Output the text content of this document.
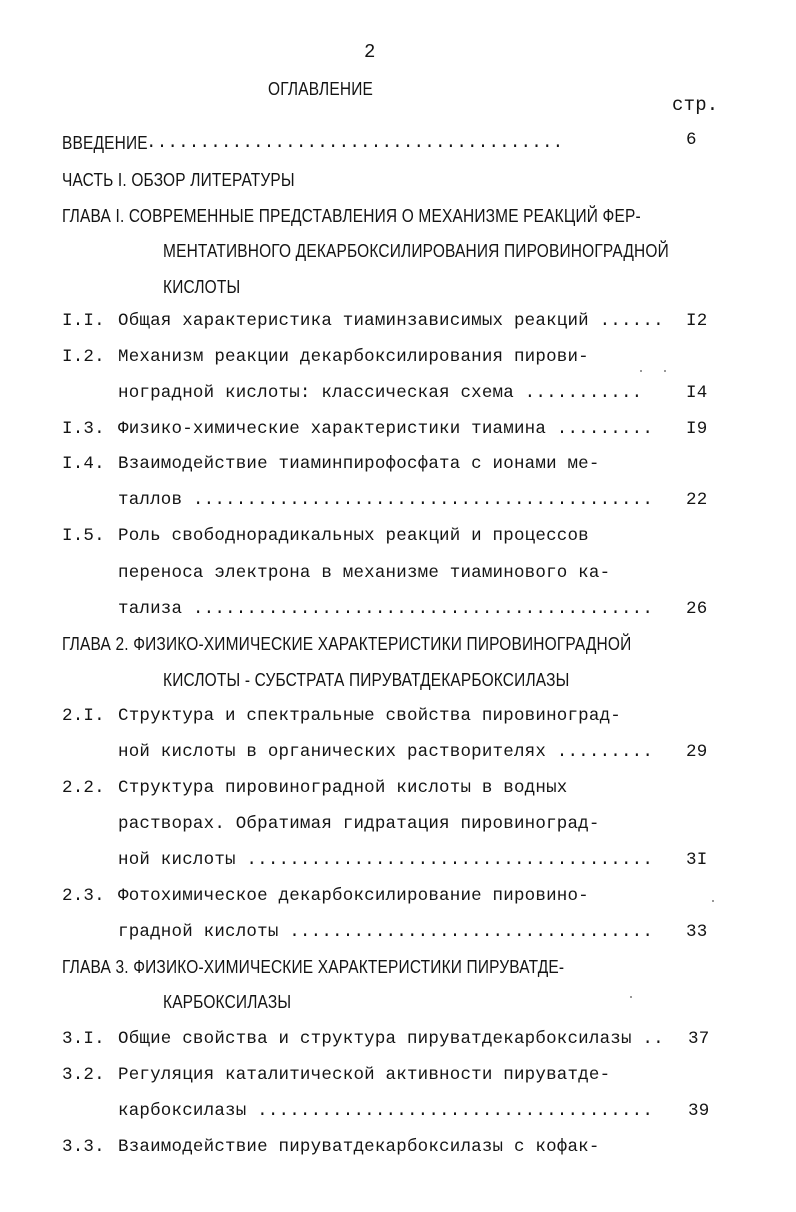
2
ОГЛАВЛЕНИЕ
стр.
ВВЕДЕНИЕ
.......................................	6
ЧАСТЬ I. ОБЗОР ЛИТЕРАТУРЫ
ГЛАВА I. СОВРЕМЕННЫЕ ПРЕДСТАВЛЕНИЯ О МЕХАНИЗМЕ РЕАКЦИЙ ФЕР-
МЕНТАТИВНОГО ДЕКАРБОКСИЛИРОВАНИЯ ПИРОВИНОГРАДНОЙ
КИСЛОТЫ
I.I. Общая характеристика тиаминзависимых реакций ...... I2
I.2. Механизм реакции декарбоксилирования пирови-
ноградной кислоты: классическая схема ........... I4
I.3. Физико-химические характеристики тиамина ......... I9
I.4. Взаимодействие тиаминпирофосфата с ионами ме-
таллов ........................................... 22
I.5. Роль свободнорадикальных реакций и процессов
переноса электрона в механизме тиаминового ка-
тализа ........................................... 26
ГЛАВА 2. ФИЗИКО-ХИМИЧЕСКИЕ ХАРАКТЕРИСТИКИ ПИРОВИНОГРАДНОЙ
КИСЛОТЫ - СУБСТРАТА ПИРУВАТДЕКАРБОКСИЛАЗЫ
2.I. Структура и спектральные свойства пировиноград-
ной кислоты в органических растворителях ......... 29
2.2. Структура пировиноградной кислоты в водных
растворах. Обратимая гидратация пировиноград-
ной кислоты ...................................... 3I
2.3. Фотохимическое декарбоксилирование пировино-
градной кислоты .................................. 33
ГЛАВА 3. ФИЗИКО-ХИМИЧЕСКИЕ ХАРАКТЕРИСТИКИ ПИРУВАТДЕ-
КАРБОКСИЛАЗЫ
3.I. Общие свойства и структура пируватдекарбоксилазы .. 37
3.2. Регуляция каталитической активности пируватде-
карбоксилазы ..................................... 39
3.3. Взаимодействие пируватдекарбоксилазы с кофак-
